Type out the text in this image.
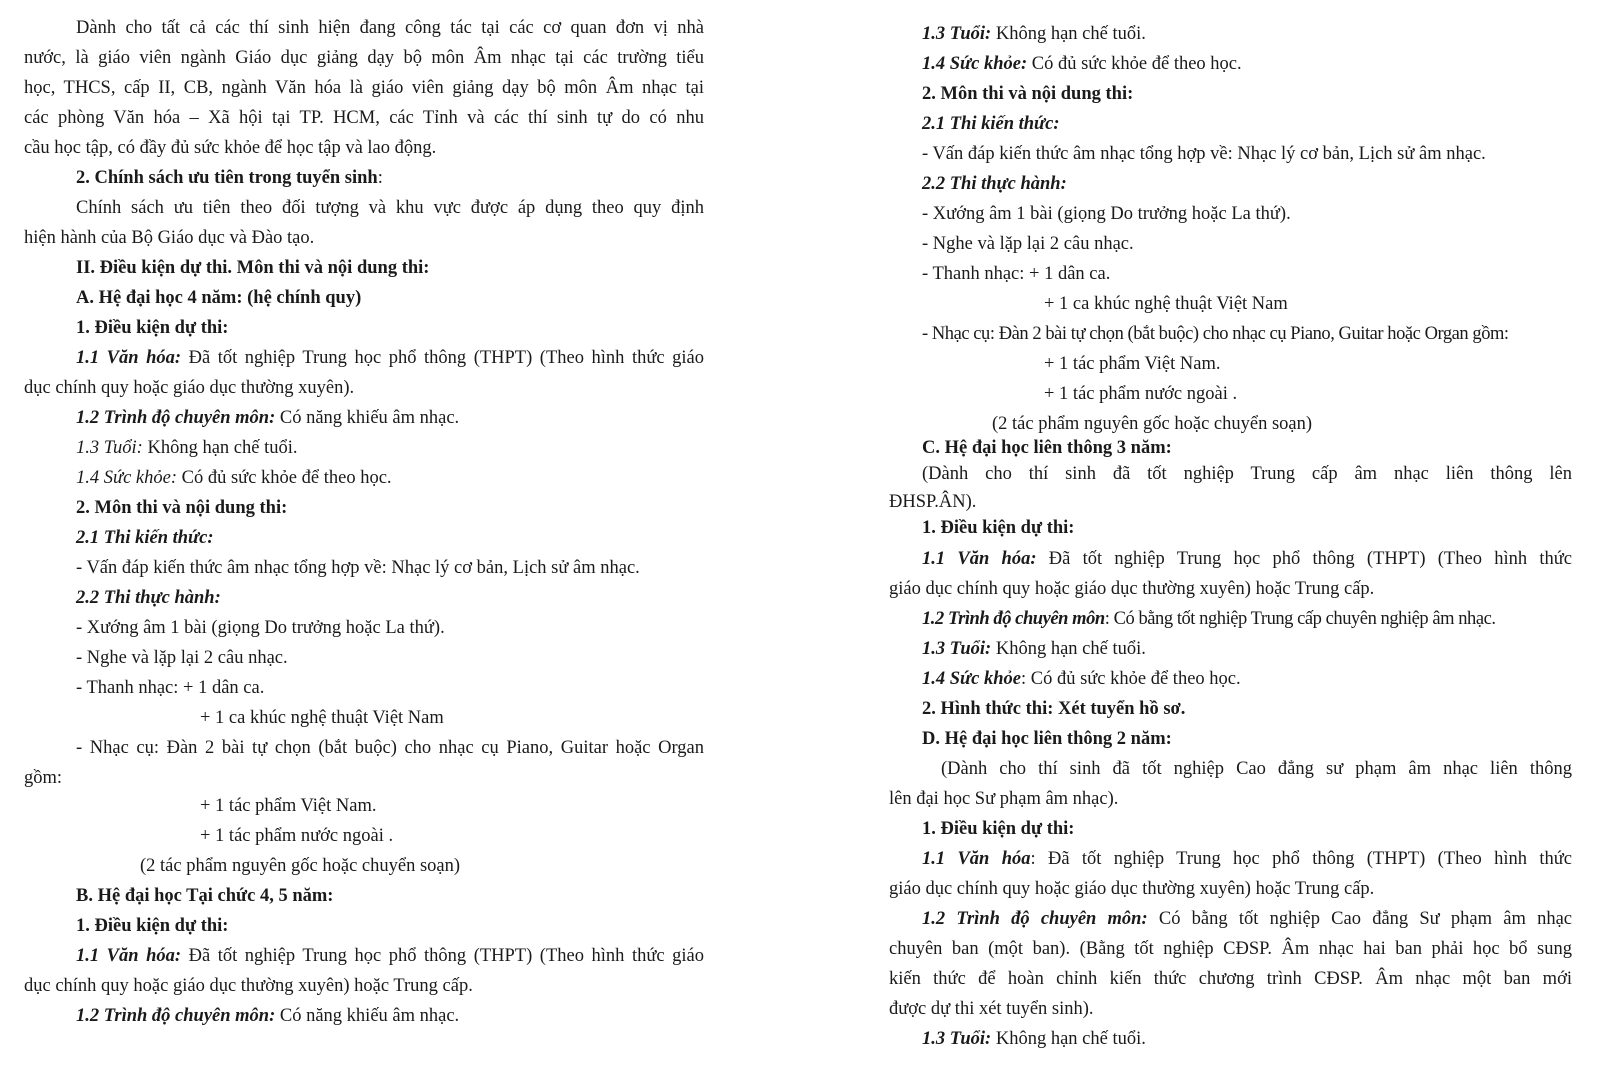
Dành cho tất cả các thí sinh hiện đang công tác tại các cơ quan đơn vị nhà
nước, là giáo viên ngành Giáo dục giảng dạy bộ môn Âm nhạc tại các trường tiểu
học, THCS, cấp II, CB, ngành Văn hóa là giáo viên giảng dạy bộ môn Âm nhạc tại
các phòng Văn hóa – Xã hội tại TP. HCM, các Tỉnh và các thí sinh tự do có nhu
cầu học tập, có đầy đủ sức khỏe để học tập và lao động.
2. Chính sách ưu tiên trong tuyển sinh:
Chính sách ưu tiên theo đối tượng và khu vực được áp dụng theo quy định
hiện hành của Bộ Giáo dục và Đào tạo.
II. Điều kiện dự thi. Môn thi và nội dung thi:
A. Hệ đại học 4 năm: (hệ chính quy)
1. Điều kiện dự thi:
1.1 Văn hóa: Đã tốt nghiệp Trung học phổ thông (THPT) (Theo hình thức giáo
dục chính quy hoặc giáo dục thường xuyên).
1.2 Trình độ chuyên môn: Có năng khiếu âm nhạc.
1.3 Tuổi: Không hạn chế tuổi.
1.4 Sức khỏe: Có đủ sức khỏe để theo học.
2. Môn thi và nội dung thi:
2.1 Thi kiến thức:
- Vấn đáp kiến thức âm nhạc tổng hợp về: Nhạc lý cơ bản, Lịch sử âm nhạc.
2.2 Thi thực hành:
- Xướng âm 1 bài (giọng Do trưởng hoặc La thứ).
- Nghe và lặp lại 2 câu nhạc.
- Thanh nhạc: + 1 dân ca.
+ 1 ca khúc nghệ thuật Việt Nam
- Nhạc cụ: Đàn 2 bài tự chọn (bắt buộc) cho nhạc cụ Piano, Guitar hoặc Organ
gồm:
+ 1 tác phẩm Việt Nam.
+ 1 tác phẩm nước ngoài .
(2 tác phẩm nguyên gốc hoặc chuyển soạn)
B. Hệ đại học Tại chức 4, 5 năm:
1. Điều kiện dự thi:
1.1 Văn hóa: Đã tốt nghiệp Trung học phổ thông (THPT) (Theo hình thức giáo
dục chính quy hoặc giáo dục thường xuyên) hoặc Trung cấp.
1.2 Trình độ chuyên môn: Có năng khiếu âm nhạc.
1.3 Tuổi: Không hạn chế tuổi.
1.4 Sức khỏe: Có đủ sức khỏe để theo học.
2. Môn thi và nội dung thi:
2.1 Thi kiến thức:
- Vấn đáp kiến thức âm nhạc tổng hợp về: Nhạc lý cơ bản, Lịch sử âm nhạc.
2.2 Thi thực hành:
- Xướng âm 1 bài (giọng Do trưởng hoặc La thứ).
- Nghe và lặp lại 2 câu nhạc.
- Thanh nhạc: + 1 dân ca.
+ 1 ca khúc nghệ thuật Việt Nam
- Nhạc cụ: Đàn 2 bài tự chọn (bắt buộc) cho nhạc cụ Piano, Guitar hoặc Organ gồm:
+ 1 tác phẩm Việt Nam.
+ 1 tác phẩm nước ngoài .
(2 tác phẩm nguyên gốc hoặc chuyển soạn)
C. Hệ đại học liên thông 3 năm:
(Dành cho thí sinh đã tốt nghiệp Trung cấp âm nhạc liên thông lên
ĐHSP.ÂN).
1. Điều kiện dự thi:
1.1 Văn hóa: Đã tốt nghiệp Trung học phổ thông (THPT) (Theo hình thức
giáo dục chính quy hoặc giáo dục thường xuyên) hoặc Trung cấp.
1.2 Trình độ chuyên môn: Có bằng tốt nghiệp Trung cấp chuyên nghiệp âm nhạc.
1.3 Tuổi: Không hạn chế tuổi.
1.4 Sức khỏe: Có đủ sức khỏe để theo học.
2. Hình thức thi: Xét tuyển hồ sơ.
D. Hệ đại học liên thông 2 năm:
(Dành cho thí sinh đã tốt nghiệp Cao đẳng sư phạm âm nhạc liên thông
lên đại học Sư phạm âm nhạc).
1. Điều kiện dự thi:
1.1 Văn hóa: Đã tốt nghiệp Trung học phổ thông (THPT) (Theo hình thức
giáo dục chính quy hoặc giáo dục thường xuyên) hoặc Trung cấp.
1.2 Trình độ chuyên môn: Có bằng tốt nghiệp Cao đẳng Sư phạm âm nhạc
chuyên ban (một ban). (Bằng tốt nghiệp CĐSP. Âm nhạc hai ban phải học bổ sung
kiến thức để hoàn chỉnh kiến thức chương trình CĐSP. Âm nhạc một ban mới
được dự thi xét tuyển sinh).
1.3 Tuổi: Không hạn chế tuổi.
